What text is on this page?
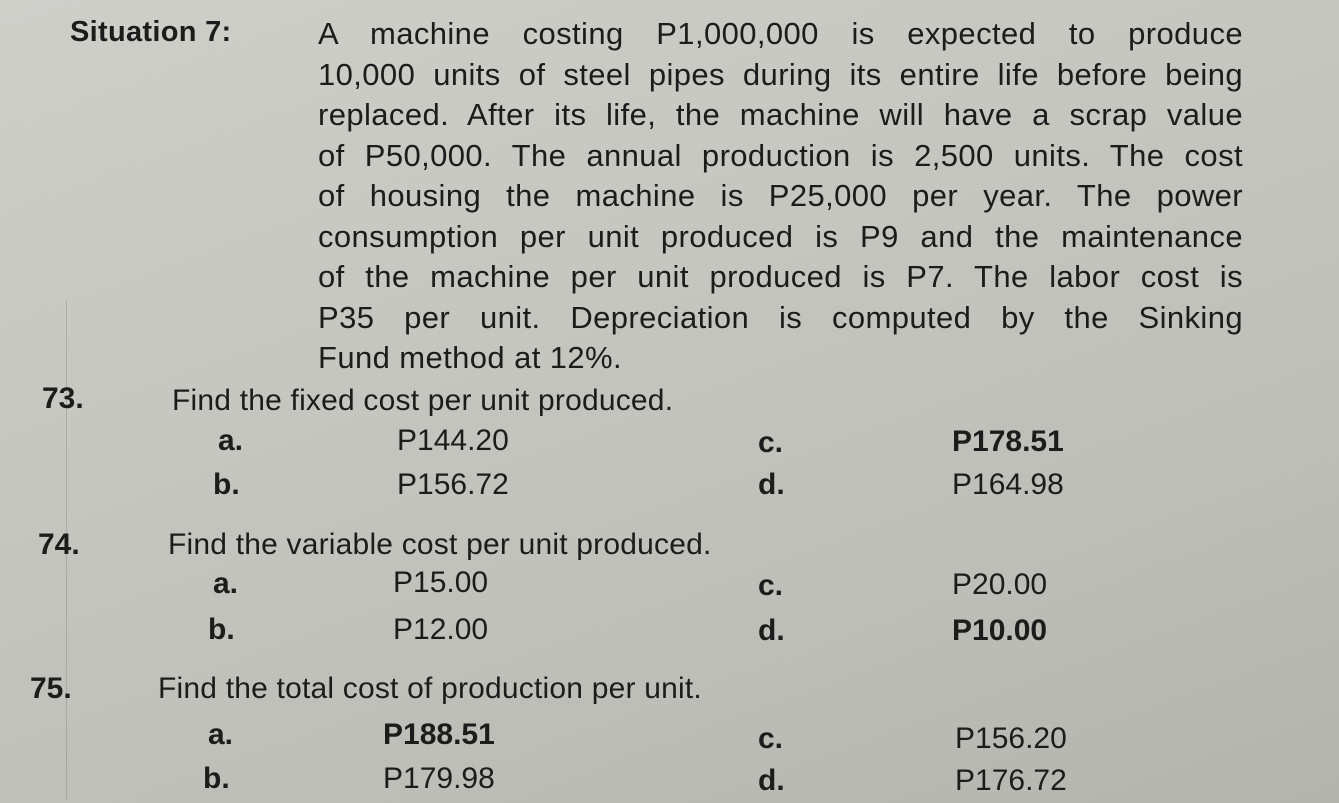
Situation 7:	A machine costing P1,000,000 is expected to produce
10,000 units of steel pipes during its entire life before being
replaced. After its life, the machine will have a scrap value
of P50,000. The annual production is 2,500 units. The cost
of housing the machine is P25,000 per year. The power
consumption per unit produced is P9 and the maintenance
of the machine per unit produced is P7. The labor cost is
P35 per unit. Depreciation is computed by the Sinking
Fund method at 12%.
73.	Find the fixed cost per unit produced.
a.	P144.20	c.	P178.51
b.	P156.72	d.	P164.98
74.	Find the variable cost per unit produced.
a.	P15.00	c.	P20.00
b.	P12.00	d.	P10.00
75.	Find the total cost of production per unit.
a.	P188.51	c.	P156.20
b.	P179.98	d.	P176.72
